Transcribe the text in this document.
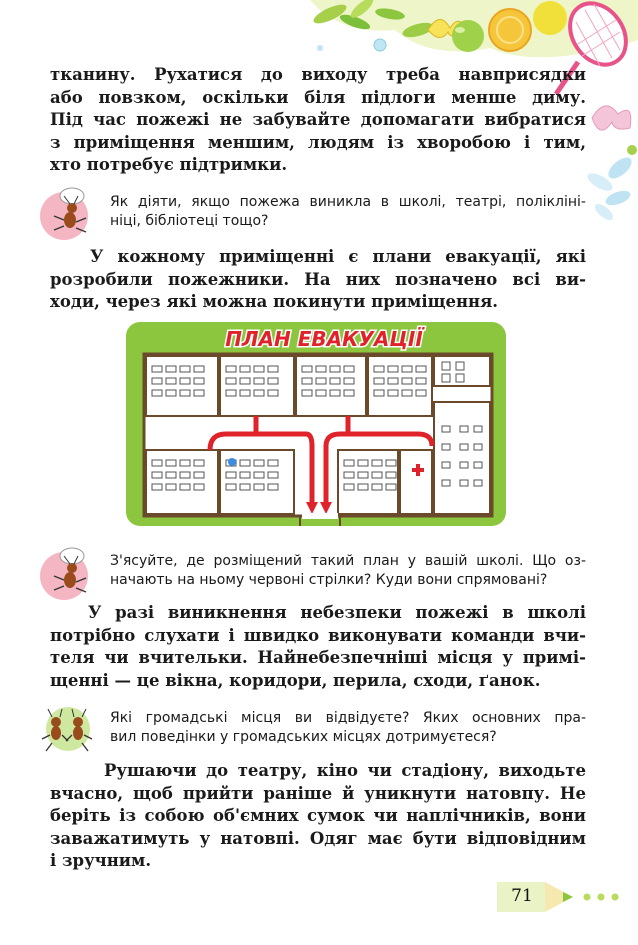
тканину. Рухатися до виходу треба навприсядки
або повзком, оскільки біля підлоги менше диму.
Під час пожежі не забувайте допомагати вибратися
з приміщення меншим, людям із хворобою і тим,
хто потребує підтримки.

Як діяти, якщо пожежа виникла в школі, театрі, полікліні-
ніці, бібліотеці тощо?

У кожному приміщенні є плани евакуації, які
розробили пожежники. На них позначено всі ви-
ходи, через які можна покинути приміщення.

ПЛАН ЕВАКУАЦІЇ

З'ясуйте, де розміщений такий план у вашій школі. Що оз-
начають на ньому червоні стрілки? Куди вони спрямовані?

У разі виникнення небезпеки пожежі в школі
потрібно слухати і швидко виконувати команди вчи-
теля чи вчительки. Найнебезпечніші місця у примі-
щенні — це вікна, коридори, перила, сходи, ґанок.

Які громадські місця ви відвідуєте? Яких основних пра-
вил поведінки у громадських місцях дотримуєтеся?

Рушаючи до театру, кіно чи стадіону, виходьте
вчасно, щоб прийти раніше й уникнути натовпу. Не
беріть із собою об'ємних сумок чи наплічників, вони
заважатимуть у натовпі. Одяг має бути відповідним
і зручним.

71
